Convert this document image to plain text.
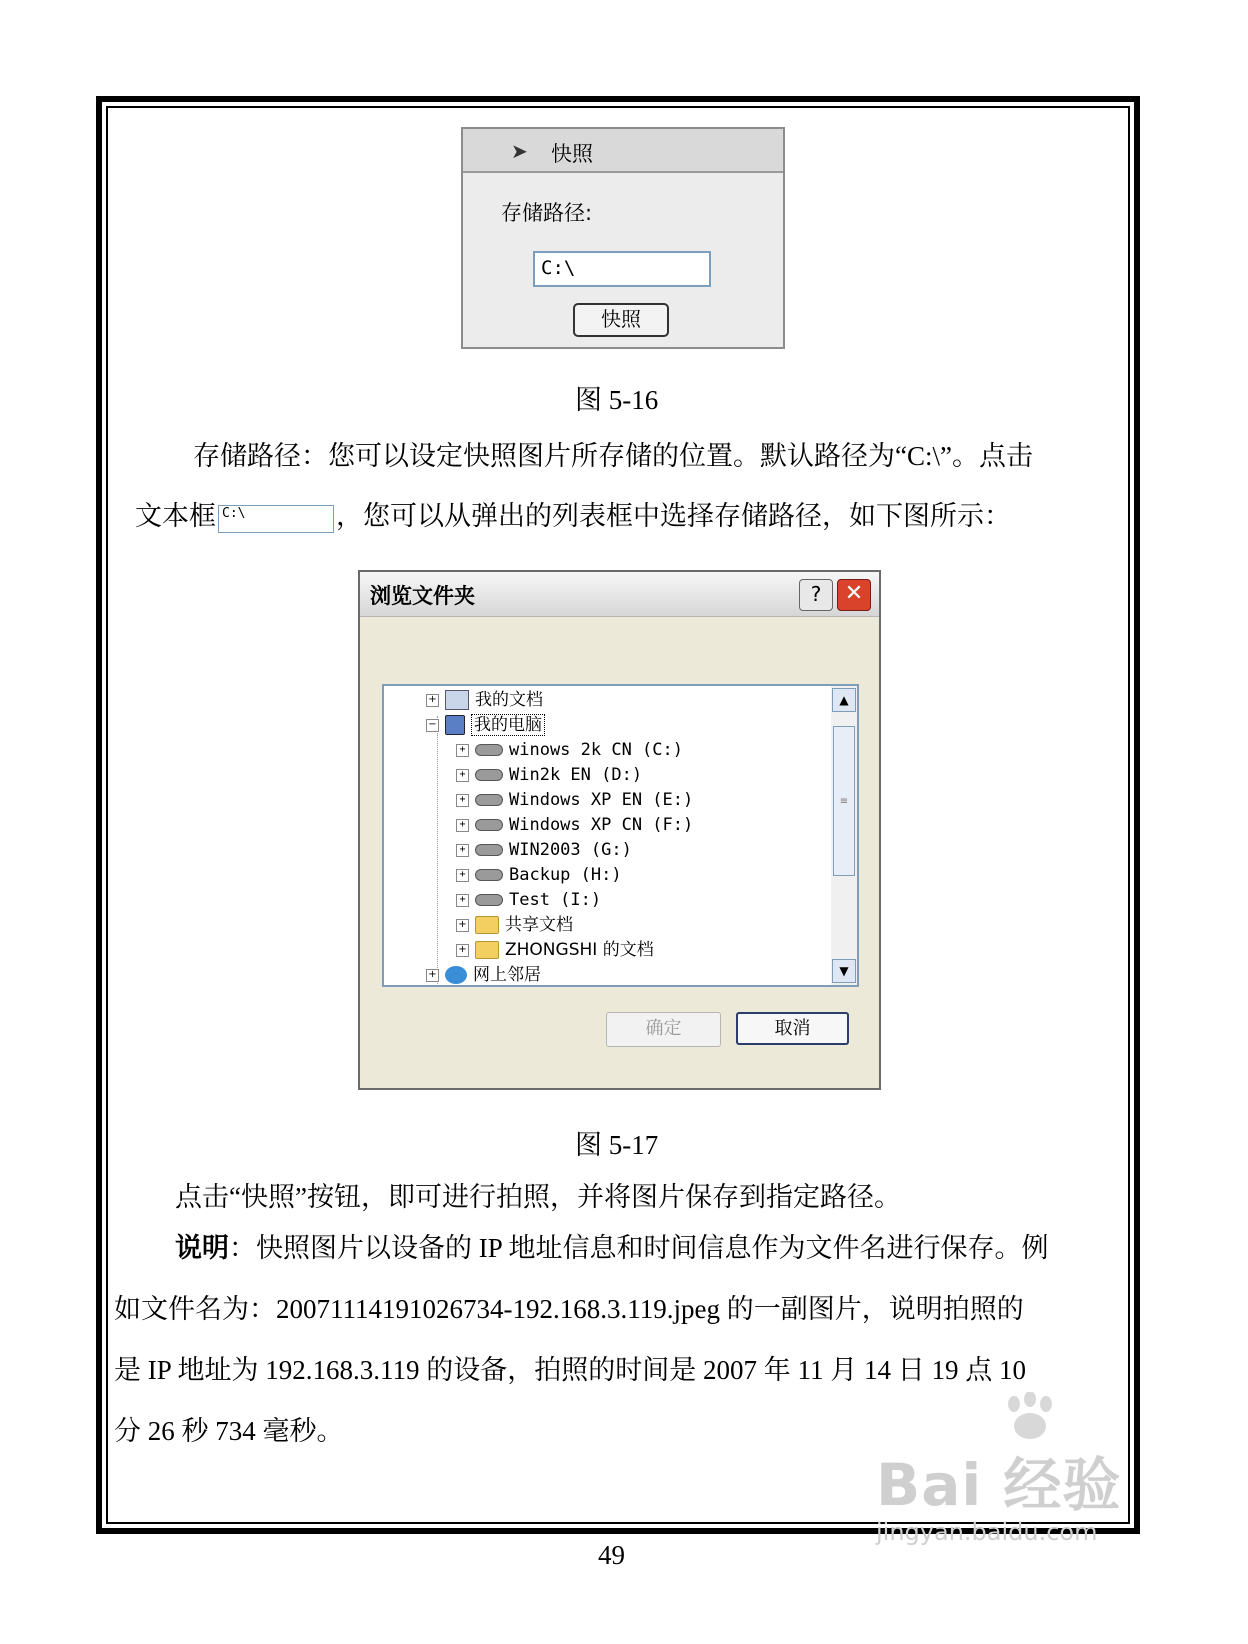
➤ 快照
存储路径:
C:\
快照
图 5-16
存储路径：您可以设定快照图片所存储的位置。默认路径为“C:\”。点击
文本框 C:\	，您可以从弹出的列表框中选择存储路径，如下图所示：
浏览文件夹	?	✕
+ 我的文档
− 我的电脑
+	winows 2k CN (C:)
+	Win2k EN (D:)
+	Windows XP EN (E:)
+	Windows XP CN (F:)
+	WIN2003 (G:)
+	Backup (H:)
+	Test (I:)
+ 共享文档
+ ZHONGSHI 的文档
+ 网上邻居
▲
≡
▼
确定	取消
图 5-17
点击“快照”按钮，即可进行拍照，并将图片保存到指定路径。
说明：快照图片以设备的 IP 地址信息和时间信息作为文件名进行保存。例
如文件名为：20071114191026734-192.168.3.119.jpeg 的一副图片，说明拍照的
是 IP 地址为 192.168.3.119 的设备，拍照的时间是 2007 年 11 月 14 日 19 点 10
分 26 秒 734 毫秒。
49
Bai 经验
jingyan.baidu.com
